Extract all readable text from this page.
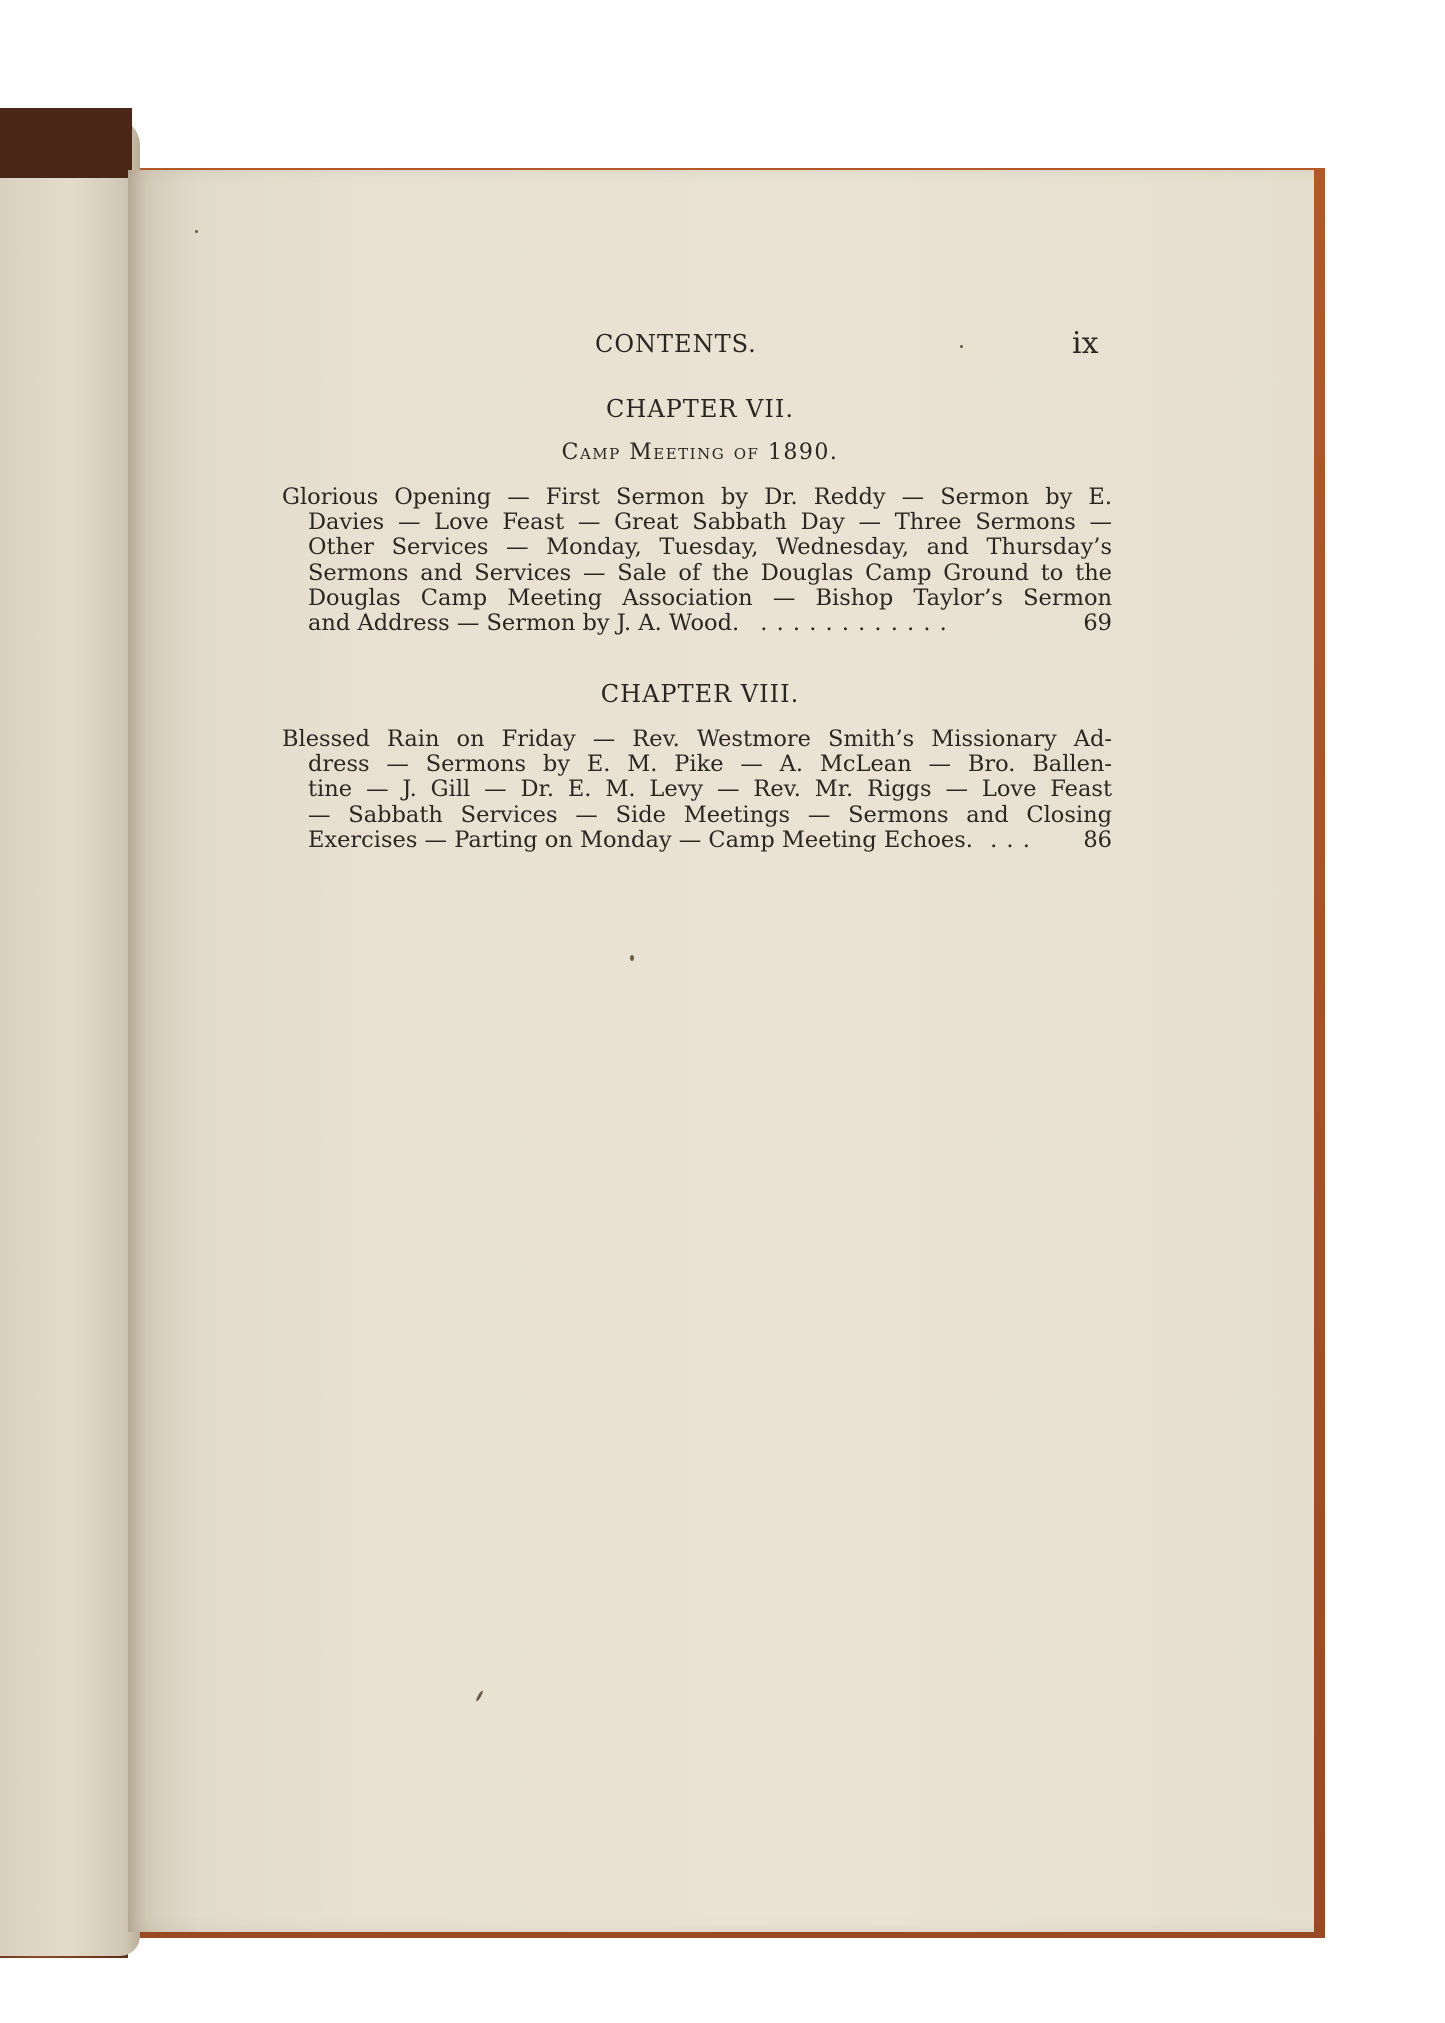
CONTENTS.	ix
CHAPTER VII.
Camp Meeting of 1890.
Glorious Opening — First Sermon by Dr. Reddy — Sermon by E.
Davies — Love Feast — Great Sabbath Day — Three Sermons —
Other Services — Monday, Tuesday, Wednesday, and Thursday’s
Sermons and Services — Sale of the Douglas Camp Ground to the
Douglas Camp Meeting Association — Bishop Taylor’s Sermon
and Address — Sermon by J. A. Wood. . . . . . . . . . . . .	69
CHAPTER VIII.
Blessed Rain on Friday — Rev. Westmore Smith’s Missionary Ad-
dress — Sermons by E. M. Pike — A. McLean — Bro. Ballen-
tine — J. Gill — Dr. E. M. Levy — Rev. Mr. Riggs — Love Feast
— Sabbath Services — Side Meetings — Sermons and Closing
Exercises — Parting on Monday — Camp Meeting Echoes. . . . 86
